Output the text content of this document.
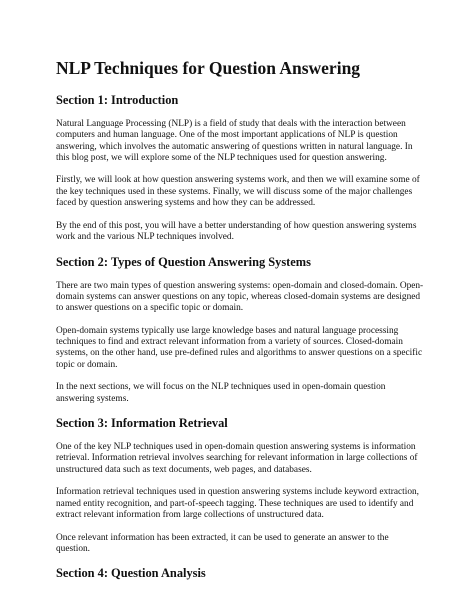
NLP Techniques for Question Answering
Section 1: Introduction

Natural Language Processing (NLP) is a field of study that deals with the interaction between computers and human language. One of the most important applications of NLP is question answering, which involves the automatic answering of questions written in natural language. In this blog post, we will explore some of the NLP techniques used for question answering.

Firstly, we will look at how question answering systems work, and then we will examine some of the key techniques used in these systems. Finally, we will discuss some of the major challenges faced by question answering systems and how they can be addressed.

By the end of this post, you will have a better understanding of how question answering systems work and the various NLP techniques involved.

Section 2: Types of Question Answering Systems

There are two main types of question answering systems: open-domain and closed-domain. Open-domain systems can answer questions on any topic, whereas closed-domain systems are designed to answer questions on a specific topic or domain.

Open-domain systems typically use large knowledge bases and natural language processing techniques to find and extract relevant information from a variety of sources. Closed-domain systems, on the other hand, use pre-defined rules and algorithms to answer questions on a specific topic or domain.

In the next sections, we will focus on the NLP techniques used in open-domain question answering systems.

Section 3: Information Retrieval

One of the key NLP techniques used in open-domain question answering systems is information retrieval. Information retrieval involves searching for relevant information in large collections of unstructured data such as text documents, web pages, and databases.

Information retrieval techniques used in question answering systems include keyword extraction, named entity recognition, and part-of-speech tagging. These techniques are used to identify and extract relevant information from large collections of unstructured data.

Once relevant information has been extracted, it can be used to generate an answer to the question.

Section 4: Question Analysis
